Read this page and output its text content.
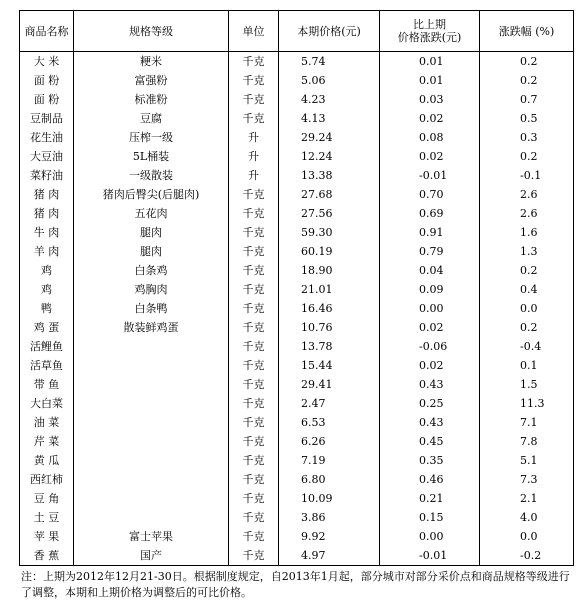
商品名称	规格等级	单位	本期价格(元)	比上期
价格涨跌(元)	涨跌幅 (%)
大 米	粳米	千克	5.74	0.01	0.2
面 粉	富强粉	千克	5.06	0.01	0.2
面 粉	标准粉	千克	4.23	0.03	0.7
豆制品	豆腐	千克	4.13	0.02	0.5
花生油	压榨一级	升	29.24	0.08	0.3
大豆油	5L桶装	升	12.24	0.02	0.2
菜籽油	一级散装	升	13.38	-0.01	-0.1
猪 肉	猪肉后臀尖(后腿肉)	千克	27.68	0.70	2.6
猪 肉	五花肉	千克	27.56	0.69	2.6
牛 肉	腿肉	千克	59.30	0.91	1.6
羊 肉	腿肉	千克	60.19	0.79	1.3
鸡	白条鸡	千克	18.90	0.04	0.2
鸡	鸡胸肉	千克	21.01	0.09	0.4
鸭	白条鸭	千克	16.46	0.00	0.0
鸡 蛋	散装鲜鸡蛋	千克	10.76	0.02	0.2
活鲤鱼		千克	13.78	-0.06	-0.4
活草鱼		千克	15.44	0.02	0.1
带 鱼		千克	29.41	0.43	1.5
大白菜		千克	2.47	0.25	11.3
油 菜		千克	6.53	0.43	7.1
芹 菜		千克	6.26	0.45	7.8
黄 瓜		千克	7.19	0.35	5.1
西红柿		千克	6.80	0.46	7.3
豆 角		千克	10.09	0.21	2.1
土 豆		千克	3.86	0.15	4.0
苹 果	富士苹果	千克	9.92	0.00	0.0
香 蕉	国产	千克	4.97	-0.01	-0.2
注：上期为2012年12月21-30日。根据制度规定，自2013年1月起，部分城市对部分采价点和商品规格等级进行了调整，本期和上期价格为调整后的可比价格。
